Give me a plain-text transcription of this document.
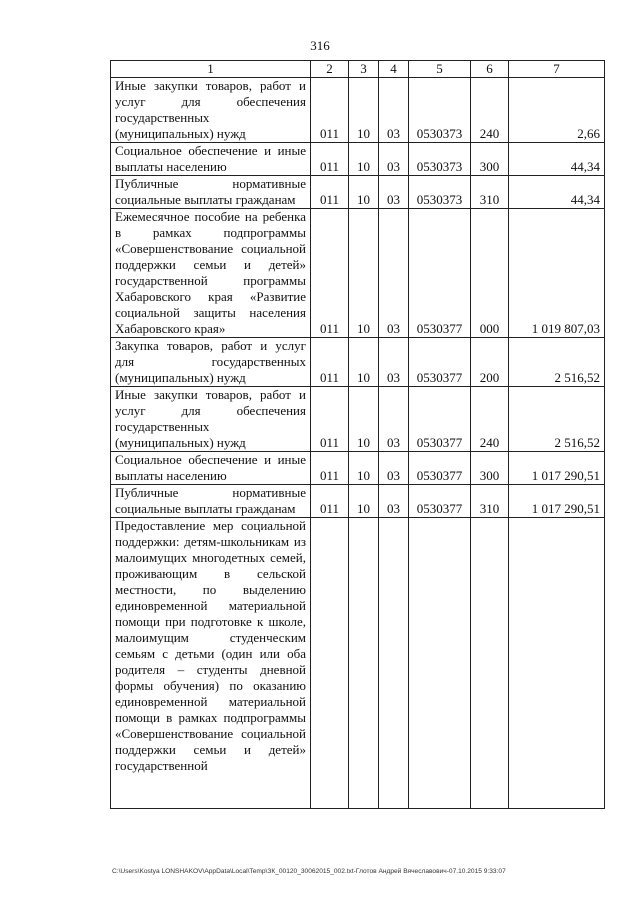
316
1	2	3	4	5	6	7
Иные закупки товаров, работ и услуг для обеспечения государственных (муниципальных) нужд	011	10	03	0530373	240	2,66
Социальное обеспечение и иные выплаты населению	011	10	03	0530373	300	44,34
Публичные нормативные социальные выплаты гражданам	011	10	03	0530373	310	44,34
Ежемесячное пособие на ребенка в рамках подпрограммы «Совершенствование социальной поддержки семьи и детей» государственной программы Хабаровского края «Развитие социальной защиты населения Хабаровского края»	011	10	03	0530377	000	1 019 807,03
Закупка товаров, работ и услуг для государственных (муниципальных) нужд	011	10	03	0530377	200	2 516,52
Иные закупки товаров, работ и услуг для обеспечения государственных (муниципальных) нужд	011	10	03	0530377	240	2 516,52
Социальное обеспечение и иные выплаты населению	011	10	03	0530377	300	1 017 290,51
Публичные нормативные социальные выплаты гражданам	011	10	03	0530377	310	1 017 290,51
Предоставление мер социальной поддержки: детям-школьникам из малоимущих многодетных семей, проживающим в сельской местности, по выделению единовременной материальной помощи при подготовке к школе, малоимущим студенческим семьям с детьми (один или оба родителя – студенты дневной формы обучения) по оказанию единовременной материальной помощи в рамках подпрограммы «Совершенствование социальной поддержки семьи и детей» государственной						
C:\Users\Kostya LONSHAKOV\AppData\Local\Temp\ЗК_00120_30062015_002.txt-Глотов Андрей Вячеславович-07.10.2015 9:33:07
